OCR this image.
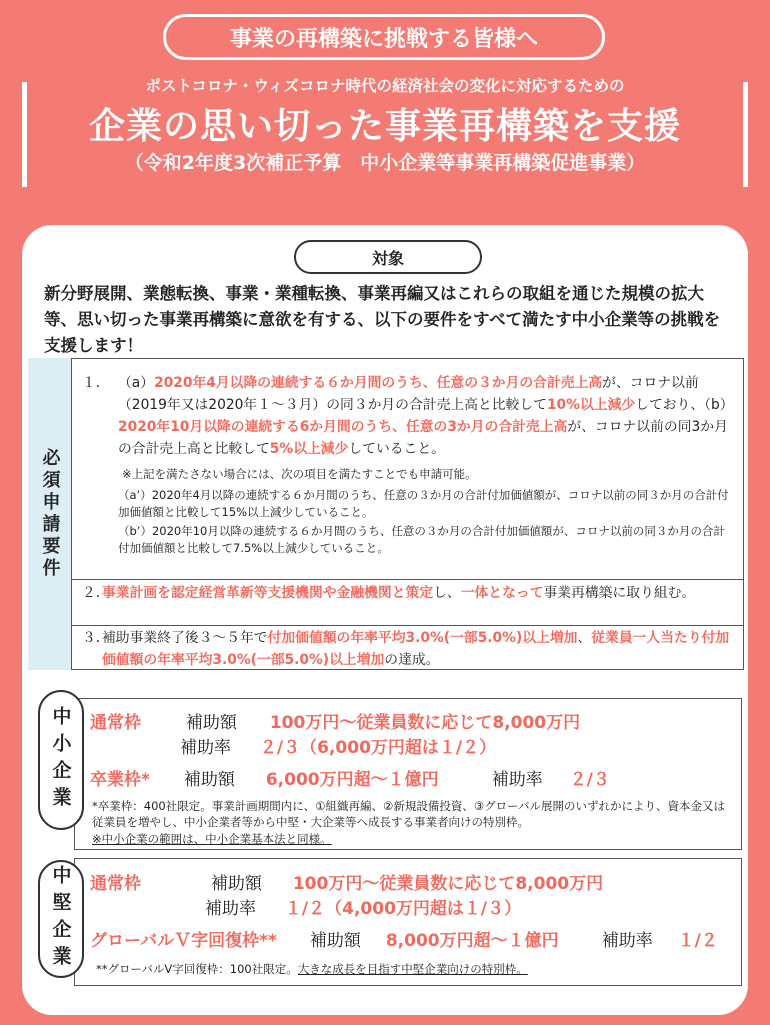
事業の再構築に挑戦する皆様へ
ポストコロナ・ウィズコロナ時代の経済社会の変化に対応するための
企業の思い切った事業再構築を支援
（令和2年度3次補正予算　中小企業等事業再構築促進事業）
対象
新分野展開、業態転換、事業・業種転換、事業再編又はこれらの取組を通じた規模の拡大等、思い切った事業再構築に意欲を有する、以下の要件をすべて満たす中小企業等の挑戦を支援します！
必須申請要件
１． （a）2020年4月以降の連続する６か月間のうち、任意の３か月の合計売上高が、コロナ以前（2019年又は2020年１～３月）の同３か月の合計売上高と比較して10%以上減少しており、（b）2020年10月以降の連続する6か月間のうち、任意の3か月の合計売上高が、コロナ以前の同3か月の合計売上高と比較して5%以上減少していること。
※上記を満たさない場合には、次の項目を満たすことでも申請可能。
（a’）2020年4月以降の連続する６か月間のうち、任意の３か月の合計付加価値額が、コロナ以前の同３か月の合計付加価値額と比較して15%以上減少していること。
（b’）2020年10月以降の連続する６か月間のうち、任意の３か月の合計付加価値額が、コロナ以前の同３か月の合計付加価値額と比較して7.5%以上減少していること。
２．
事業計画を認定経営革新等支援機関や金融機関と策定し、一体となって事業再構築に取り組む。
３．
補助事業終了後３～５年で付加価値額の年率平均3.0%(一部5.0%)以上増加、従業員一人当たり付加価値額の年率平均3.0%(一部5.0%)以上増加の達成。
中小企業 通常枠	補助額 100万円～従業員数に応じて8,000万円
補助率 ２/３（6,000万円超は１/２）
卒業枠* 補助額 6,000万円超～１億円	補助率 ２/３
*卒業枠：400社限定。事業計画期間内に、①組織再編、②新規設備投資、③グローバル展開のいずれかにより、資本金又は従業員を増やし、中小企業者等から中堅・大企業等へ成長する事業者向けの特別枠。
※中小企業の範囲は、中小企業基本法と同様。
中堅企業 通常枠	補助額 100万円～従業員数に応じて8,000万円
補助率 １/２（4,000万円超は１/３）
グローバルＶ字回復枠** 補助額 8,000万円超～１億円	補助率 １/２
**グローバルV字回復枠：100社限定。大きな成長を目指す中堅企業向けの特別枠。
